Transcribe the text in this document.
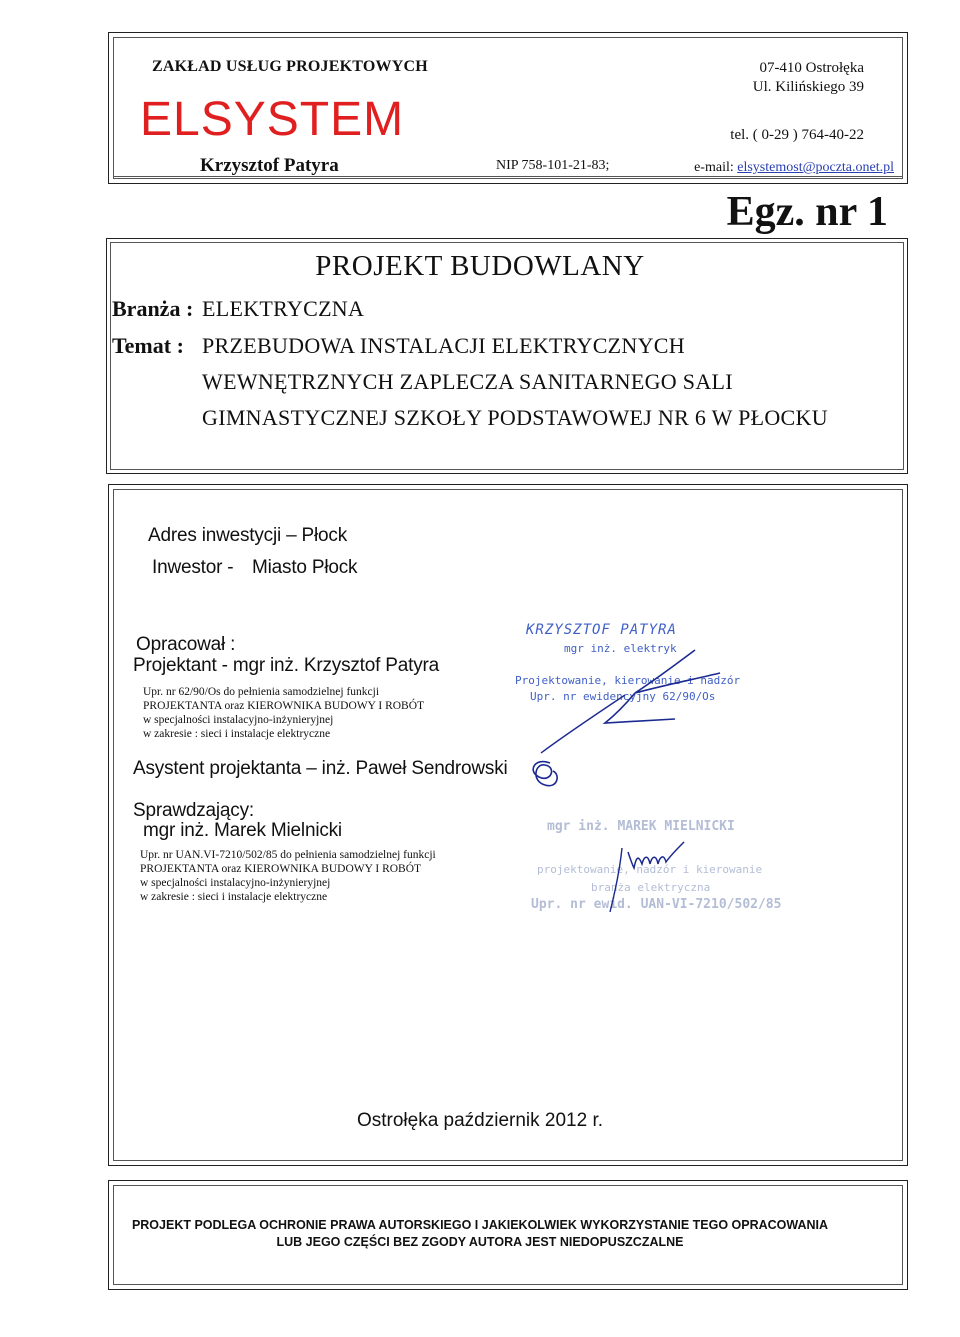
ZAKŁAD USŁUG PROJEKTOWYCH
ELSYSTEM
Krzysztof Patyra	NIP 758-101-21-83;
07-410 Ostrołęka
Ul. Kilińskiego 39
tel. ( 0-29 ) 764-40-22
e-mail: elsystemost@poczta.onet.pl
Egz. nr 1
PROJEKT BUDOWLANY
Branża : ELEKTRYCZNA
Temat : PRZEBUDOWA INSTALACJI ELEKTRYCZNYCH
WEWNĘTRZNYCH ZAPLECZA SANITARNEGO SALI
GIMNASTYCZNEJ SZKOŁY PODSTAWOWEJ NR 6 W PŁOCKU
Adres inwestycji – Płock
Inwestor - Miasto Płock
Opracował :
Projektant - mgr inż. Krzysztof Patyra
Upr. nr 62/90/Os do pełnienia samodzielnej funkcji
PROJEKTANTA oraz KIEROWNIKA BUDOWY I ROBÓT
w specjalności instalacyjno-inżynieryjnej
w zakresie : sieci i instalacje elektryczne
Asystent projektanta – inż. Paweł Sendrowski
Sprawdzający:
mgr inż. Marek Mielnicki
Upr. nr UAN.VI-7210/502/85 do pełnienia samodzielnej funkcji
PROJEKTANTA oraz KIEROWNIKA BUDOWY I ROBÓT
w specjalności instalacyjno-inżynieryjnej
w zakresie : sieci i instalacje elektryczne
KRZYSZTOF PATYRA
mgr inż. elektryk
Projektowanie, kierowanie i nadzór
Upr. nr ewidencyjny 62/90/Os
mgr inż. MAREK MIELNICKI
projektowanie, nadzór i kierowanie
branża elektryczna
Upr. nr ewid. UAN-VI-7210/502/85
Ostrołęka październik 2012 r.
PROJEKT PODLEGA OCHRONIE PRAWA AUTORSKIEGO I JAKIEKOLWIEK WYKORZYSTANIE TEGO OPRACOWANIA
LUB JEGO CZĘŚCI BEZ ZGODY AUTORA JEST NIEDOPUSZCZALNE
